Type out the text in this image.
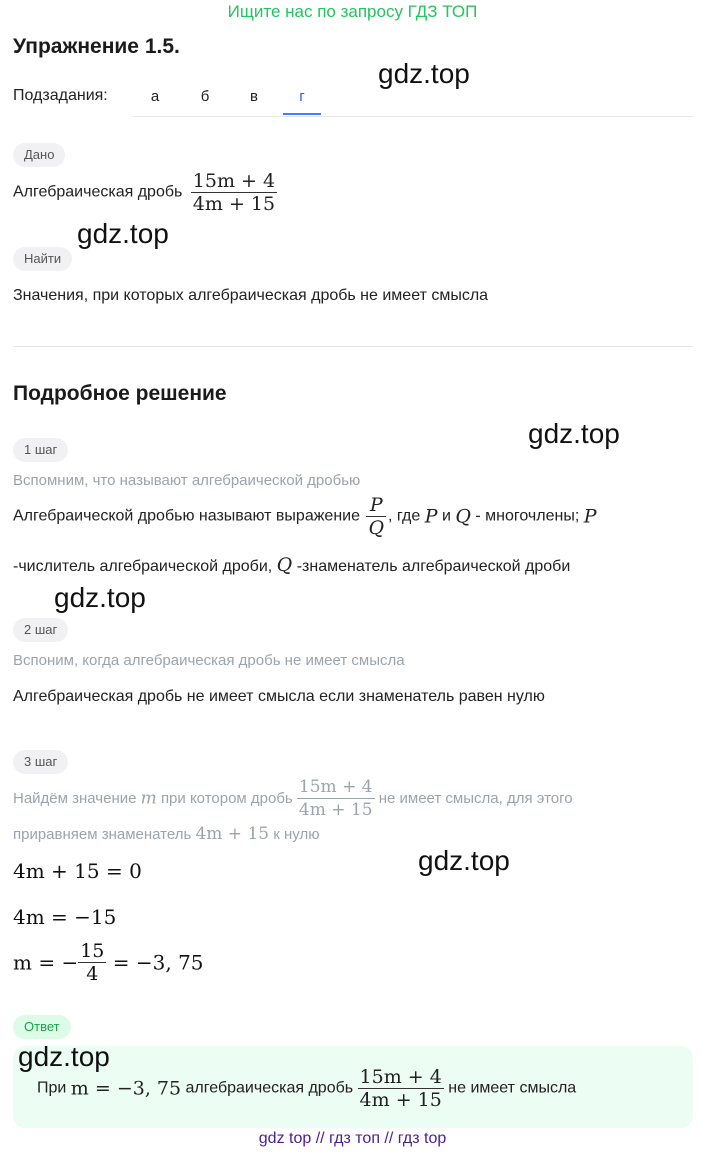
Ищите нас по запросу ГДЗ ТОП
Упражнение 1.5.
gdz.top
Подзадания:	а	б	в	г
Дано
Алгебраическая дробь $\frac{15m + 4}{4m + 15}$
gdz.top
Найти
Значения, при которых алгебраическая дробь не имеет смысла
Подробное решение
gdz.top
1 шаг
Вспомним, что называют алгебраической дробью
Алгебраической дробью называют выражение $\frac{P}{Q}$ , где P и Q - многочлены; P
-числитель алгебраической дроби, Q -знаменатель алгебраической дроби
gdz.top
2 шаг
Вспоним, когда алгебраическая дробь не имеет смысла
Алгебраическая дробь не имеет смысла если знаменатель равен нулю
3 шаг
Найдём значение m при котором дробь $\frac{15m + 4}{4m + 15}$ не имеет смысла, для этого
приравняем знаменатель 4m + 15 к нулю
gdz.top
4m + 15 = 0
4m = −15
m = − $\frac{15}{4} = -3$, 75
Ответ
gdz.top
При m = −3, 75 алгебраическая дробь $\frac{15m + 4}{4m + 15}$ не имеет смысла
gdz top // гдз топ // гдз top
